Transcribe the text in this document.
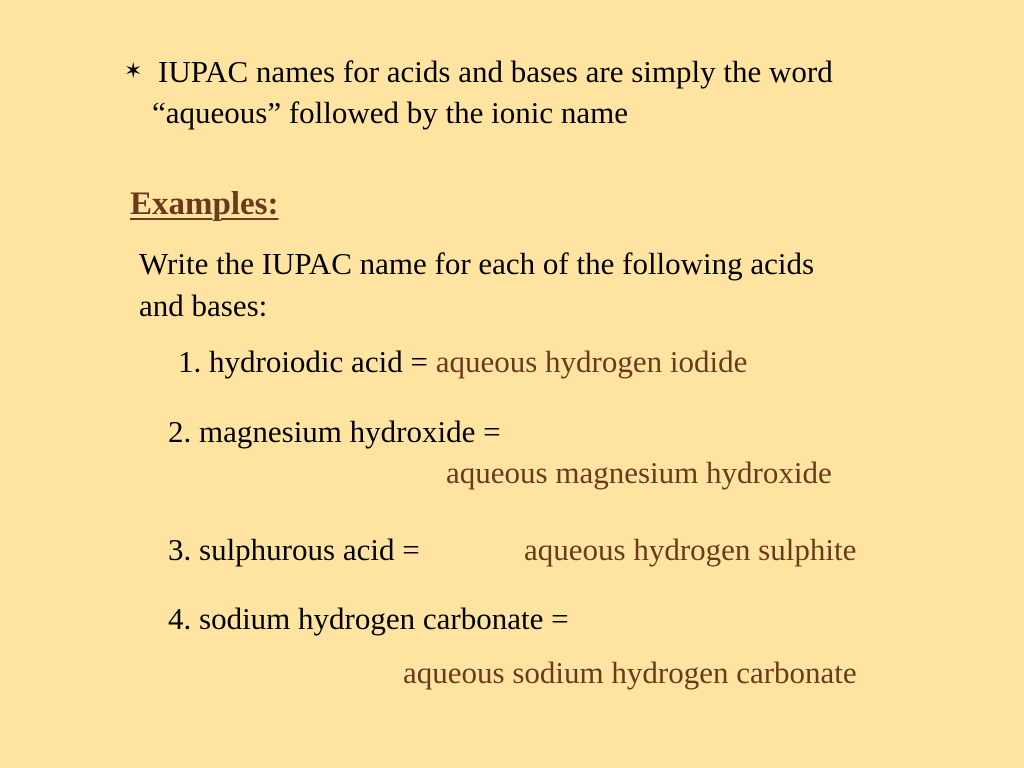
✶ IUPAC names for acids and bases are simply the word
“aqueous” followed by the ionic name
Examples:
Write the IUPAC name for each of the following acids
and bases:
1. hydroiodic acid = aqueous hydrogen iodide
2. magnesium hydroxide =
aqueous magnesium hydroxide
3. sulphurous acid =	aqueous hydrogen sulphite
4. sodium hydrogen carbonate =
aqueous sodium hydrogen carbonate
